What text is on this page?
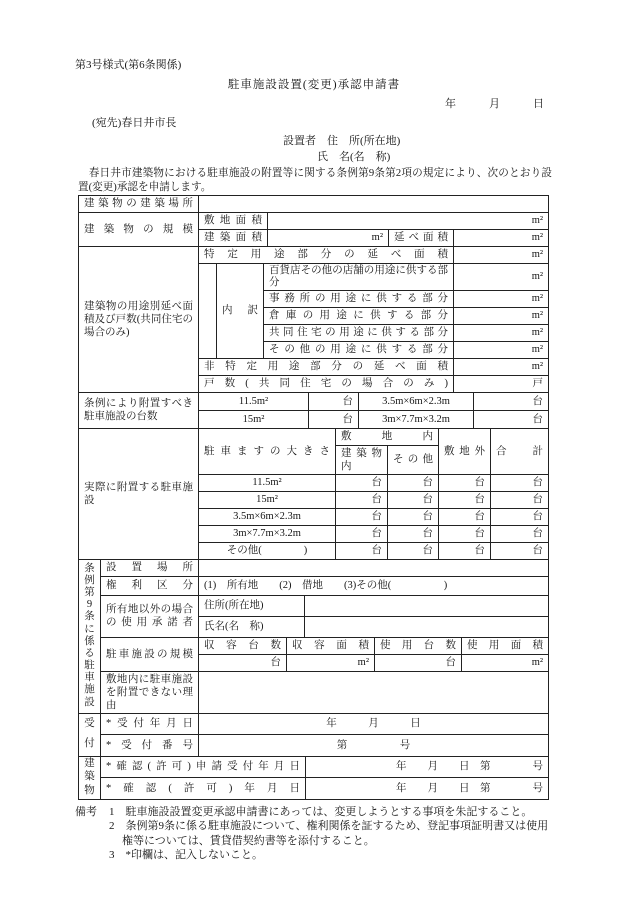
第3号様式(第6条関係)
駐車施設設置(変更)承認申請書
年　　　月　　　日
(宛先)春日井市長
設置者　住　所(所在地)
氏　名(名　称)
　春日井市建築物における駐車施設の附置等に関する条例第9条第2項の規定により、次のとおり設置(変更)承認を申請します。
建築物の建築場所	
建築物の規模	敷地面積	m²		
	建築面積	m²	延べ面積	m²
建築物の用途別延べ面積及び戸数(共同住宅の場合のみ)	特定用途部分の延べ面積			m²
		内訳	百貨店その他の店舗の用途に供する部分	m²
			事務所の用途に供する部分	m²
			倉庫の用途に供する部分	m²
			共同住宅の用途に供する部分	m²
			その他の用途に供する部分	m²
	非特定用途部分の延べ面積			m²
	戸数(共同住宅の場合のみ)			戸
条例により附置すべき駐車施設の台数	11.5m²	台	3.5m×6m×2.3m	台
	15m²	台	3m×7.7m×3.2m	台
実際に附置する駐車施設	駐車ますの大きさ	敷地内		敷地外	合計
		建築物内	その他		
	11.5m²	台	台	台	台
	15m²	台	台	台	台
	3.5m×6m×2.3m	台	台	台	台
	3m×7.7m×3.2m	台	台	台	台
	その他(　　　　)	台	台	台	台
条
例
第
9
条
に
係
る
駐
車
施
設
	設置場所	
	権利区分	(1)　所有地　　(2)　借地　　(3)その他(　　　　　)				
	所有地以外の場合の使用承諾者	住所(所在地)				
		氏名(名　称)				
	駐車施設の規模	収容台数	収容面積		使用台数	使用面積
		台	m²		台	m²
	敷地内に駐車施設を附置できない理由					
受
付	*受付年月日	年　　　月　　　日
	*受付番号	第　　　　　号
建
築
物	*確認(許可)申請受付年月日	年　　月　　日　第　　　　号
	*確認(許可)年月日	年　　月　　日　第　　　　号
備考	1　駐車施設設置変更承認申請書にあっては、変更しようとする事項を朱記すること。
2　条例第9条に係る駐車施設について、権利関係を証するため、登記事項証明書又は使用権等については、賃貸借契約書等を添付すること。
3　*印欄は、記入しないこと。
